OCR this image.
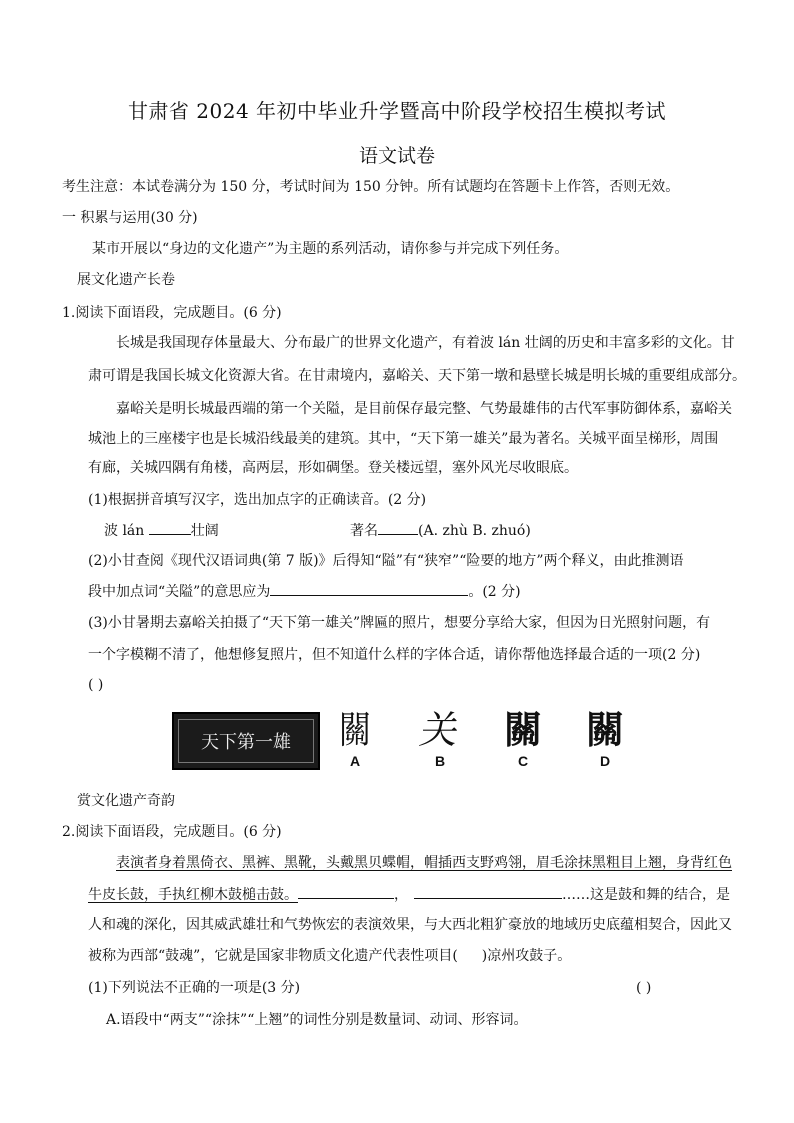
甘肃省 2024 年初中毕业升学暨高中阶段学校招生模拟考试
语文试卷
考生注意：本试卷满分为 150 分，考试时间为 150 分钟。所有试题均在答题卡上作答，否则无效。
一 积累与运用(30 分)
某市开展以“身边的文化遗产”为主题的系列活动，请你参与并完成下列任务。
展文化遗产长卷
1.阅读下面语段，完成题目。(6 分)
长城是我国现存体量最大、分布最广的世界文化遗产，有着波 lán 壮阔的历史和丰富多彩的文化。甘
肃可谓是我国长城文化资源大省。在甘肃境内，嘉峪关、天下第一墩和悬壁长城是明长城的重要组成部分。
嘉峪关是明长城最西端的第一个关隘，是目前保存最完整、气势最雄伟的古代军事防御体系，嘉峪关
城池上的三座楼宇也是长城沿线最美的建筑。其中，“天下第一雄关”最为著名。关城平面呈梯形，周围
有廊，关城四隅有角楼，高两层，形如碉堡。登关楼远望，塞外风光尽收眼底。
(1)根据拼音填写汉字，选出加点字的正确读音。(2 分)
波 lán	壮阔	著名	(A. zhù B. zhuó)
(2)小甘查阅《现代汉语词典(第 7 版)》后得知“隘”有“狭窄”“险要的地方”两个释义，由此推测语
段中加点词“关隘”的意思应为	。(2 分)
(3)小甘暑期去嘉峪关拍摄了“天下第一雄关”牌匾的照片，想要分享给大家，但因为日光照射问题，有
一个字模糊不清了，他想修复照片，但不知道什么样的字体合适，请你帮他选择最合适的一项(2 分)
( )
天下第一雄	關
A
关
B
關
C
關
D
赏文化遗产奇韵
2.阅读下面语段，完成题目。(6 分)
表演者身着黑倚衣、黑裤、黑靴，头戴黑贝蝶帽，帽插西支野鸡翎，眉毛涂抹黑粗目上翘，身背红色
牛皮长鼓，手执红柳木鼓槌击鼓。	，	……这是鼓和舞的结合，是
人和魂的深化，因其威武雄壮和气势恢宏的表演效果，与大西北粗犷豪放的地域历史底蕴相契合，因此又
被称为西部“鼓魂”，它就是国家非物质文化遗产代表性项目( )凉州攻鼓子。
(1)下列说法不正确的一项是(3 分)	( )
A.语段中“两支”“涂抹”“上翘”的词性分别是数量词、动词、形容词。
